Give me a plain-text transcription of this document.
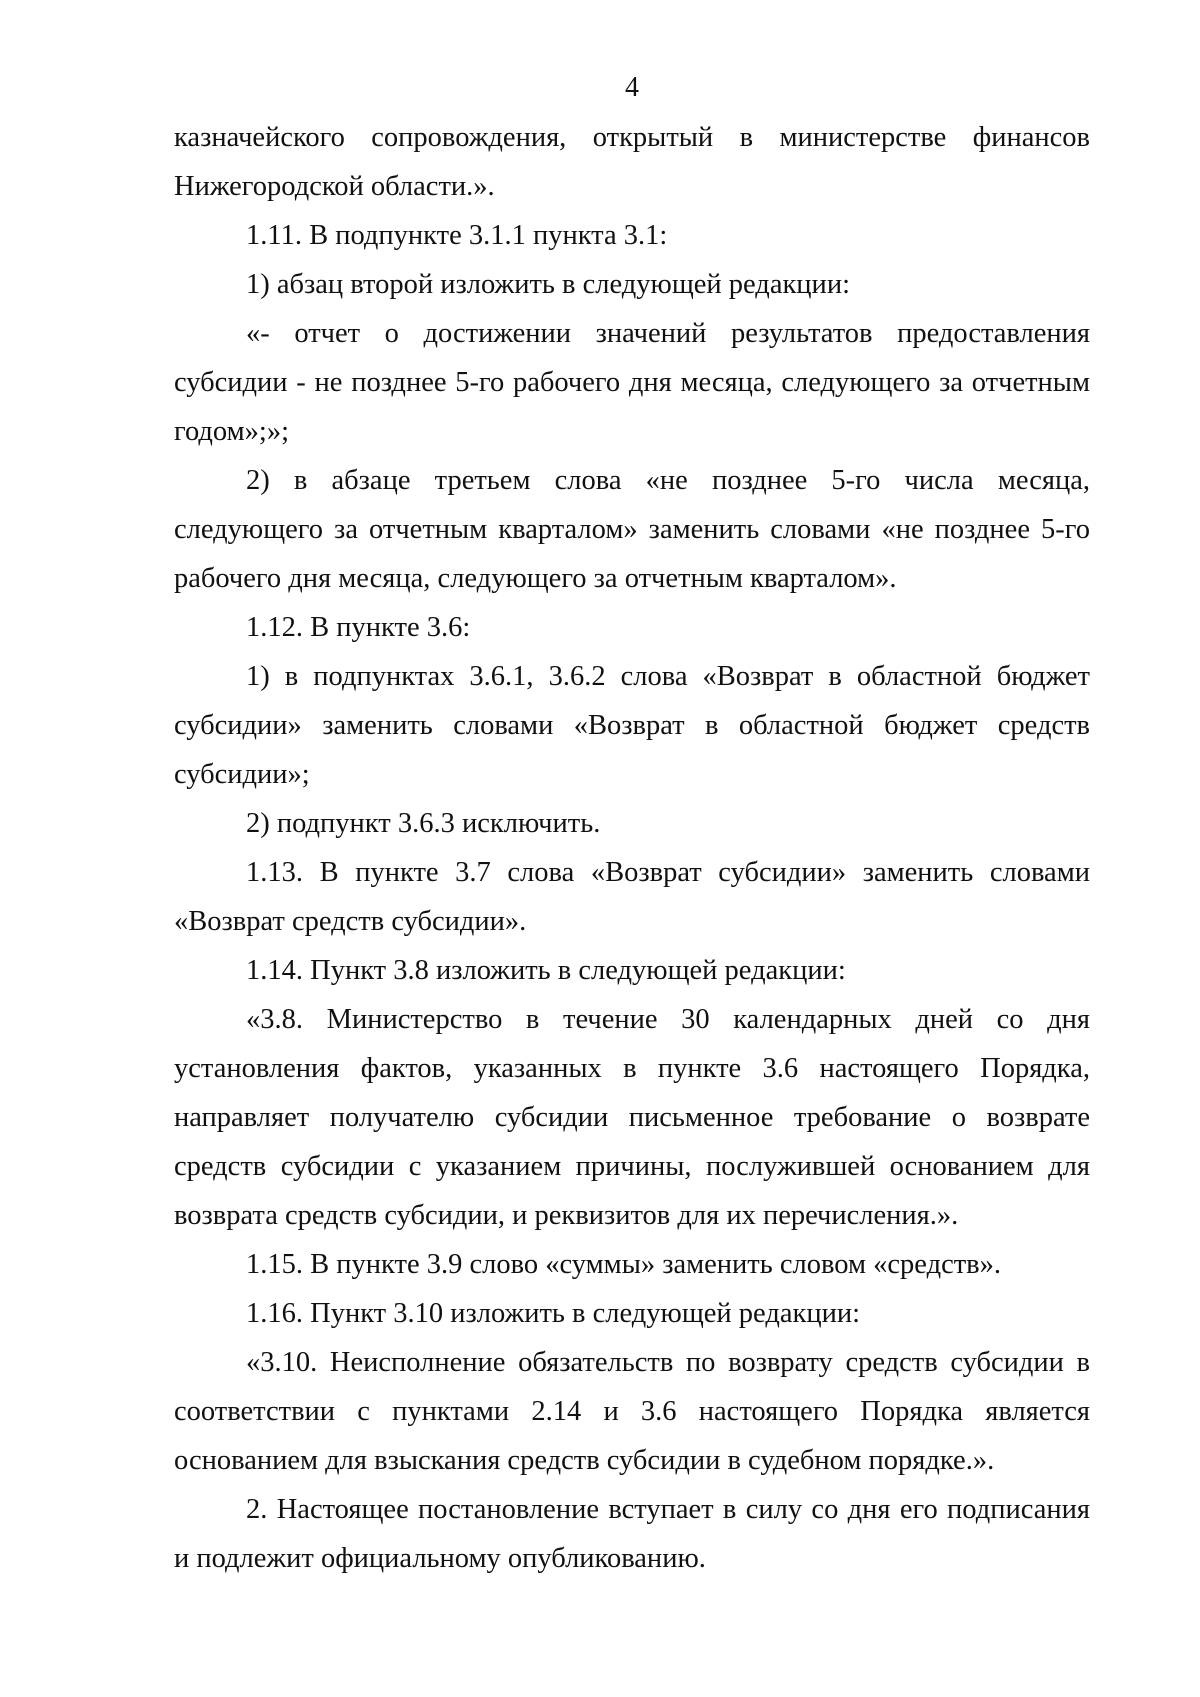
4

казначейского сопровождения, открытый в министерстве финансов Нижегородской области.».

1.11. В подпункте 3.1.1 пункта 3.1:

1) абзац второй изложить в следующей редакции:

«- отчет о достижении значений результатов предоставления субсидии - не позднее 5-го рабочего дня месяца, следующего за отчетным годом»;»;

2) в абзаце третьем слова «не позднее 5-го числа месяца, следующего за отчетным кварталом» заменить словами «не позднее 5-го рабочего дня месяца, следующего за отчетным кварталом».

1.12. В пункте 3.6:

1) в подпунктах 3.6.1, 3.6.2 слова «Возврат в областной бюджет субсидии» заменить словами «Возврат в областной бюджет средств субсидии»;

2) подпункт 3.6.3 исключить.

1.13. В пункте 3.7 слова «Возврат субсидии» заменить словами «Возврат средств субсидии».

1.14. Пункт 3.8 изложить в следующей редакции:

«3.8. Министерство в течение 30 календарных дней со дня установления фактов, указанных в пункте 3.6 настоящего Порядка, направляет получателю субсидии письменное требование о возврате средств субсидии с указанием причины, послужившей основанием для возврата средств субсидии, и реквизитов для их перечисления.».

1.15. В пункте 3.9 слово «суммы» заменить словом «средств».

1.16. Пункт 3.10 изложить в следующей редакции:

«3.10. Неисполнение обязательств по возврату средств субсидии в соответствии с пунктами 2.14 и 3.6 настоящего Порядка является основанием для взыскания средств субсидии в судебном порядке.».

2. Настоящее постановление вступает в силу со дня его подписания и подлежит официальному опубликованию.
